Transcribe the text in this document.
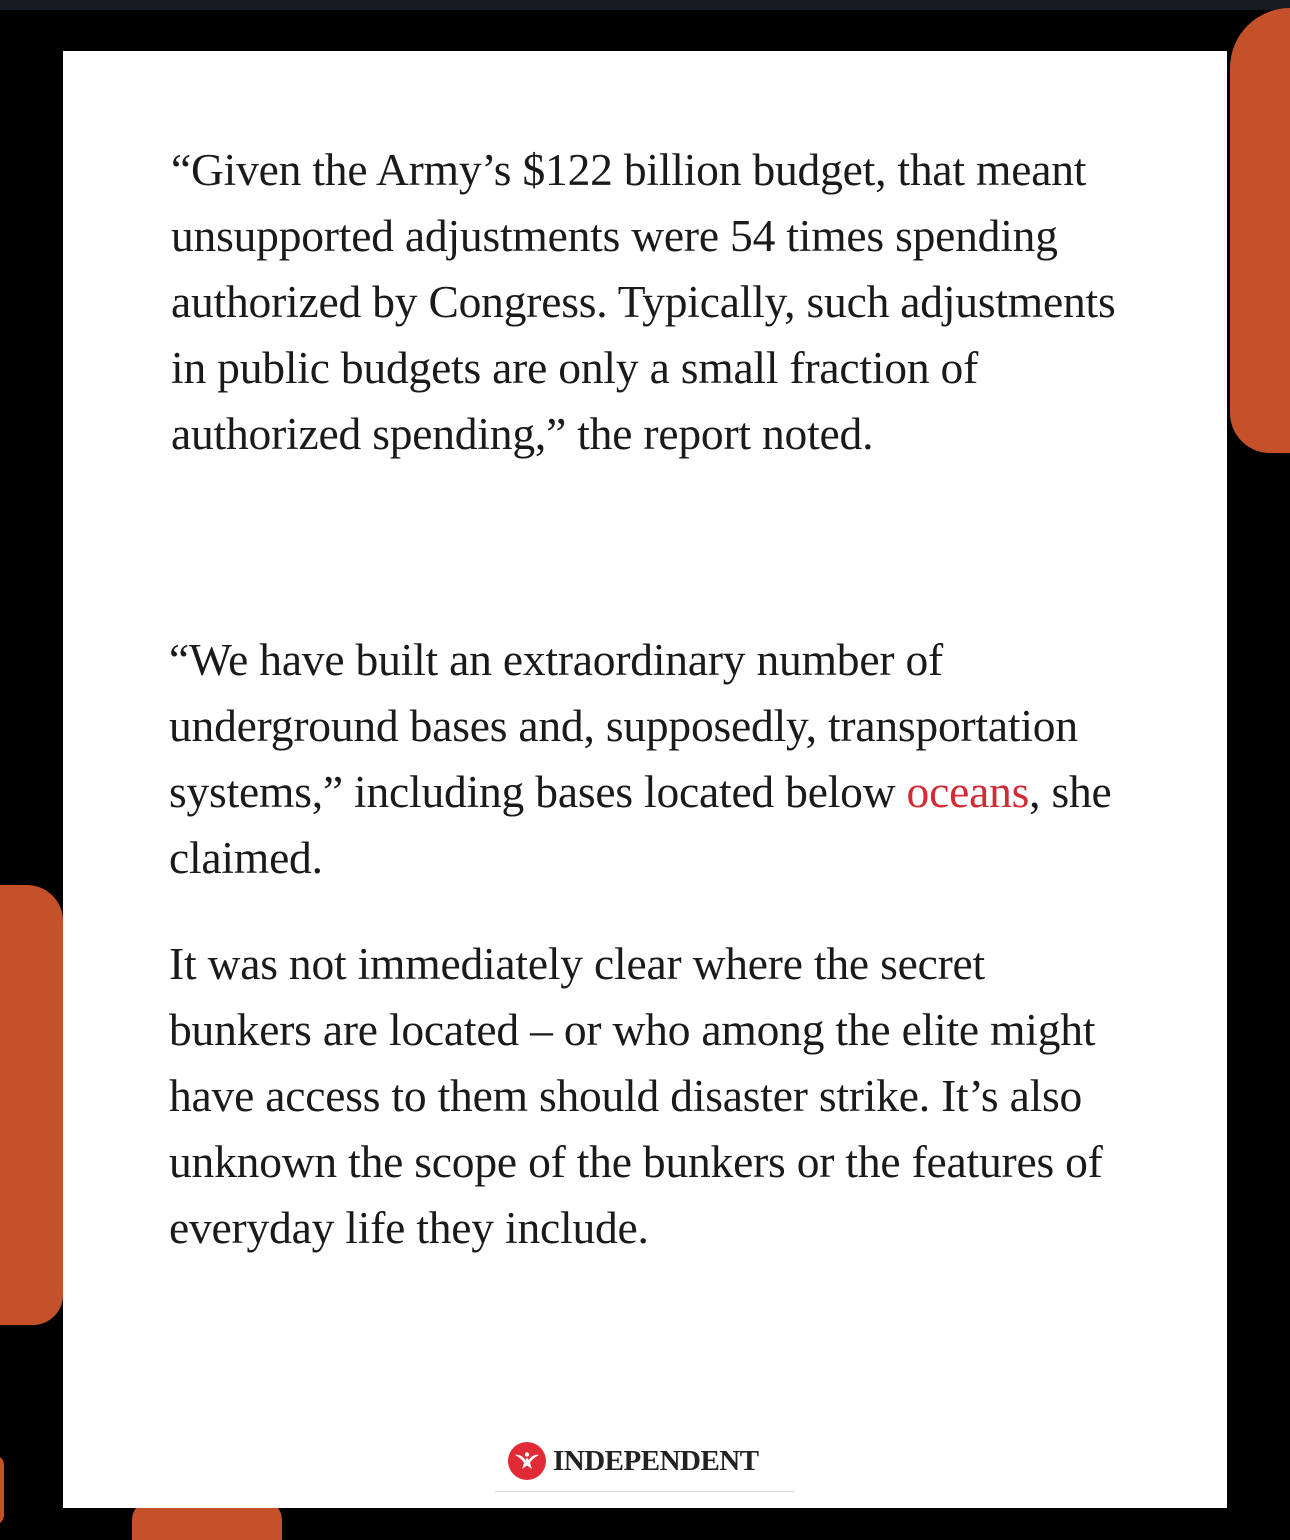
“Given the Army’s $122 billion budget, that meant unsupported adjustments were 54 times spending authorized by Congress. Typically, such adjustments in public budgets are only a small fraction of authorized spending,” the report noted.

“We have built an extraordinary number of underground bases and, supposedly, transportation systems,” including bases located below oceans, she claimed.

It was not immediately clear where the secret bunkers are located – or who among the elite might have access to them should disaster strike. It’s also unknown the scope of the bunkers or the features of everyday life they include.

INDEPENDENT
